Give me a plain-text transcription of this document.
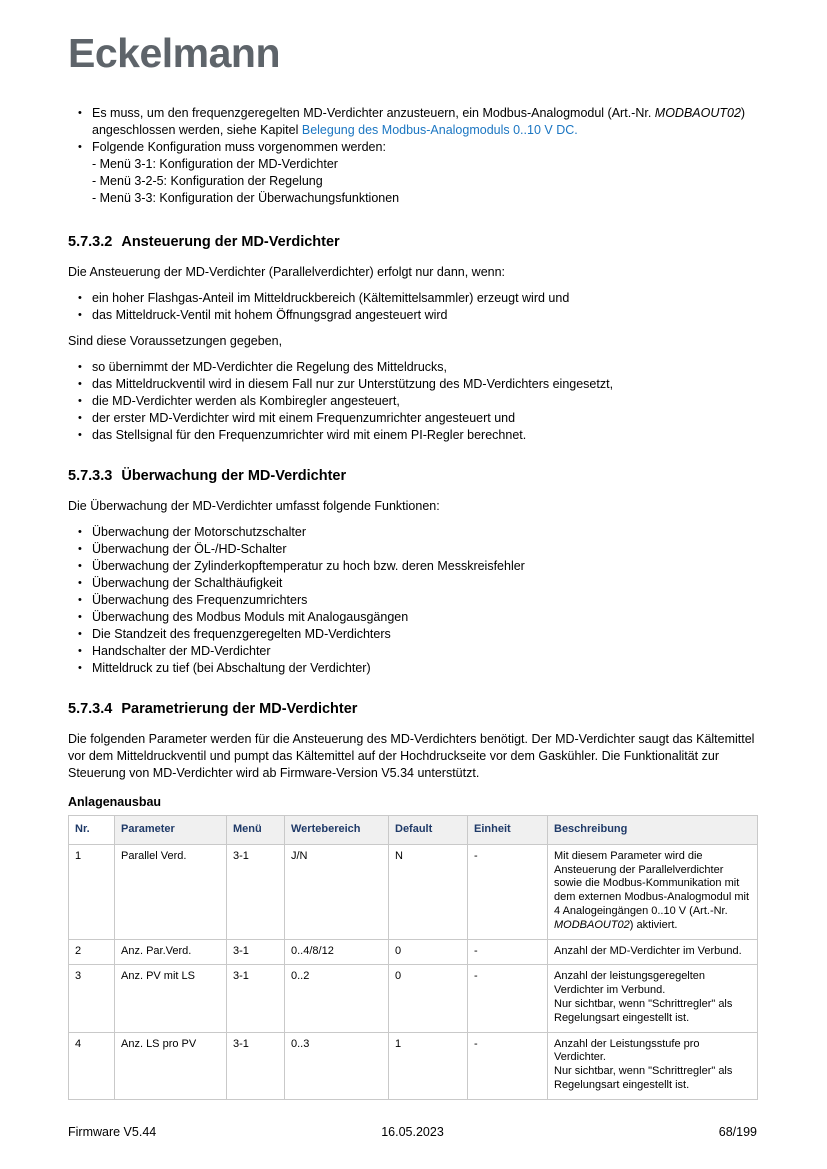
Eckelmann
• Es muss, um den frequenzgeregelten MD-Verdichter anzusteuern, ein Modbus-Analogmodul (Art.-Nr. MODBAOUT02) angeschlossen werden, siehe Kapitel Belegung des Modbus-Analogmoduls 0..10 V DC.
• Folgende Konfiguration muss vorgenommen werden:
- Menü 3-1: Konfiguration der MD-Verdichter
- Menü 3-2-5: Konfiguration der Regelung
- Menü 3-3: Konfiguration der Überwachungsfunktionen
5.7.3.2 Ansteuerung der MD-Verdichter

Die Ansteuerung der MD-Verdichter (Parallelverdichter) erfolgt nur dann, wenn:

• ein hoher Flashgas-Anteil im Mitteldruckbereich (Kältemittelsammler) erzeugt wird und
• das Mitteldruck-Ventil mit hohem Öffnungsgrad angesteuert wird

Sind diese Voraussetzungen gegeben,

• so übernimmt der MD-Verdichter die Regelung des Mitteldrucks,
• das Mitteldruckventil wird in diesem Fall nur zur Unterstützung des MD-Verdichters eingesetzt,
• die MD-Verdichter werden als Kombiregler angesteuert,
• der erster MD-Verdichter wird mit einem Frequenzumrichter angesteuert und
• das Stellsignal für den Frequenzumrichter wird mit einem PI-Regler berechnet.
5.7.3.3 Überwachung der MD-Verdichter

Die Überwachung der MD-Verdichter umfasst folgende Funktionen:

• Überwachung der Motorschutzschalter
• Überwachung der ÖL-/HD-Schalter
• Überwachung der Zylinderkopftemperatur zu hoch bzw. deren Messkreisfehler
• Überwachung der Schalthäufigkeit
• Überwachung des Frequenzumrichters
• Überwachung des Modbus Moduls mit Analogausgängen
• Die Standzeit des frequenzgeregelten MD-Verdichters
• Handschalter der MD-Verdichter
• Mitteldruck zu tief (bei Abschaltung der Verdichter)
5.7.3.4 Parametrierung der MD-Verdichter

Die folgenden Parameter werden für die Ansteuerung des MD-Verdichters benötigt. Der MD-Verdichter saugt das Kältemittel vor dem Mitteldruckventil und pumpt das Kältemittel auf der Hochdruckseite vor dem Gaskühler. Die Funktionalität zur Steuerung von MD-Verdichter wird ab Firmware-Version V5.34 unterstützt.

Anlagenausbau
Nr.	Parameter	Menü	Wertebereich	Default	Einheit	Beschreibung
1	Parallel Verd.	3-1	J/N	N	-	Mit diesem Parameter wird die Ansteuerung der Parallelverdichter sowie die Modbus-Kommunikation mit dem externen Modbus-Analogmodul mit 4 Analogeingängen 0..10 V (Art.-Nr. MODBAOUT02) aktiviert.
2	Anz. Par.Verd.	3-1	0..4/8/12	0	-	Anzahl der MD-Verdichter im Verbund.

3	Anz. PV mit LS	3-1	0..2	0	-	Anzahl der leistungsgeregelten Verdichter im Verbund.

Nur sichtbar, wenn "Schrittregler" als Regelungsart eingestellt ist.

4	Anz. LS pro PV	3-1	0..3	1	-	Anzahl der Leistungsstufe pro Verdichter.

Nur sichtbar, wenn "Schrittregler" als Regelungsart eingestellt ist.

16.05.2023
Firmware V5.44	68/199
